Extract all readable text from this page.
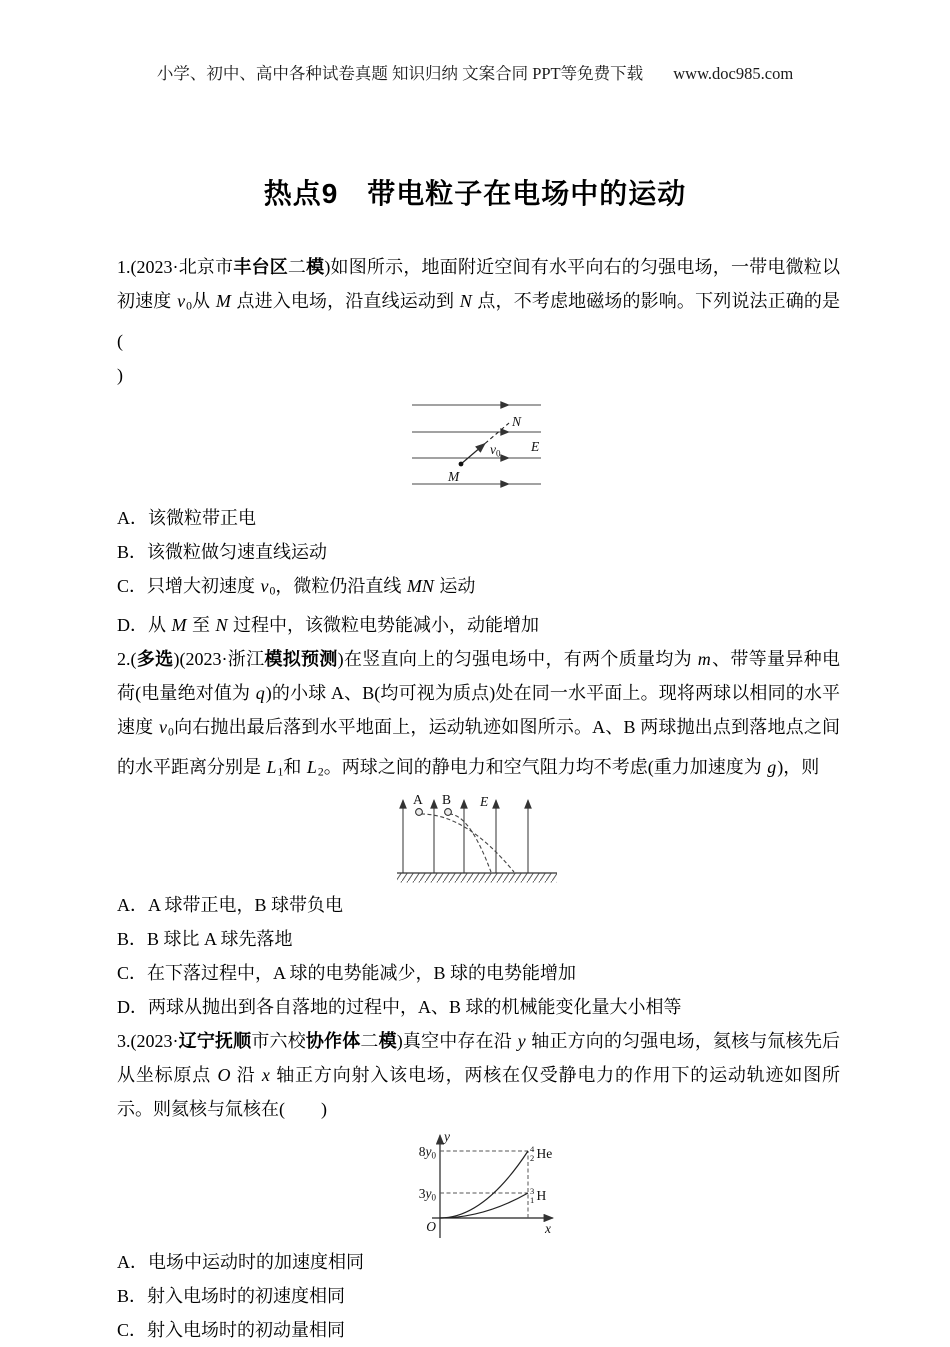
小学、初中、高中各种试卷真题 知识归纳 文案合同 PPT等免费下载 www.doc985.com
热点9　带电粒子在电场中的运动

1.(2023·北京市丰台区二模)如图所示，地面附近空间有水平向右的匀强电场，一带电微粒以初速度 v0从 M 点进入电场，沿直线运动到 N 点，不考虑地磁场的影响。下列说法正确的是(
)

N
M
v0 E

A．该微粒带正电

B．该微粒做匀速直线运动

C．只增大初速度 v0，微粒仍沿直线 MN 运动

D．从 M 至 N 过程中，该微粒电势能减小，动能增加

2.(多选)(2023·浙江模拟预测)在竖直向上的匀强电场中，有两个质量均为 m、带等量异种电荷(电量绝对值为 q)的小球 A、B(均可视为质点)处在同一水平面上。现将两球以相同的水平速度 v0向右抛出最后落到水平地面上，运动轨迹如图所示。A、B 两球抛出点到落地点之间的水平距离分别是 L1和 L2。两球之间的静电力和空气阻力均不考虑(重力加速度为 g)，则

A B E

A．A 球带正电，B 球带负电

B．B 球比 A 球先落地

C．在下落过程中，A 球的电势能减少，B 球的电势能增加

D．两球从抛出到各自落地的过程中，A、B 球的机械能变化量大小相等

3.(2023·辽宁抚顺市六校协作体二模)真空中存在沿 y 轴正方向的匀强电场，氦核与氚核先后从坐标原点 O 沿 x 轴正方向射入该电场，两核在仅受静电力的作用下的运动轨迹如图所示。则氦核与氚核在(　　)

y
x
O
8y0
3y0
4
2 He
3
1 H

A．电场中运动时的加速度相同

B．射入电场时的初速度相同

C．射入电场时的初动量相同
